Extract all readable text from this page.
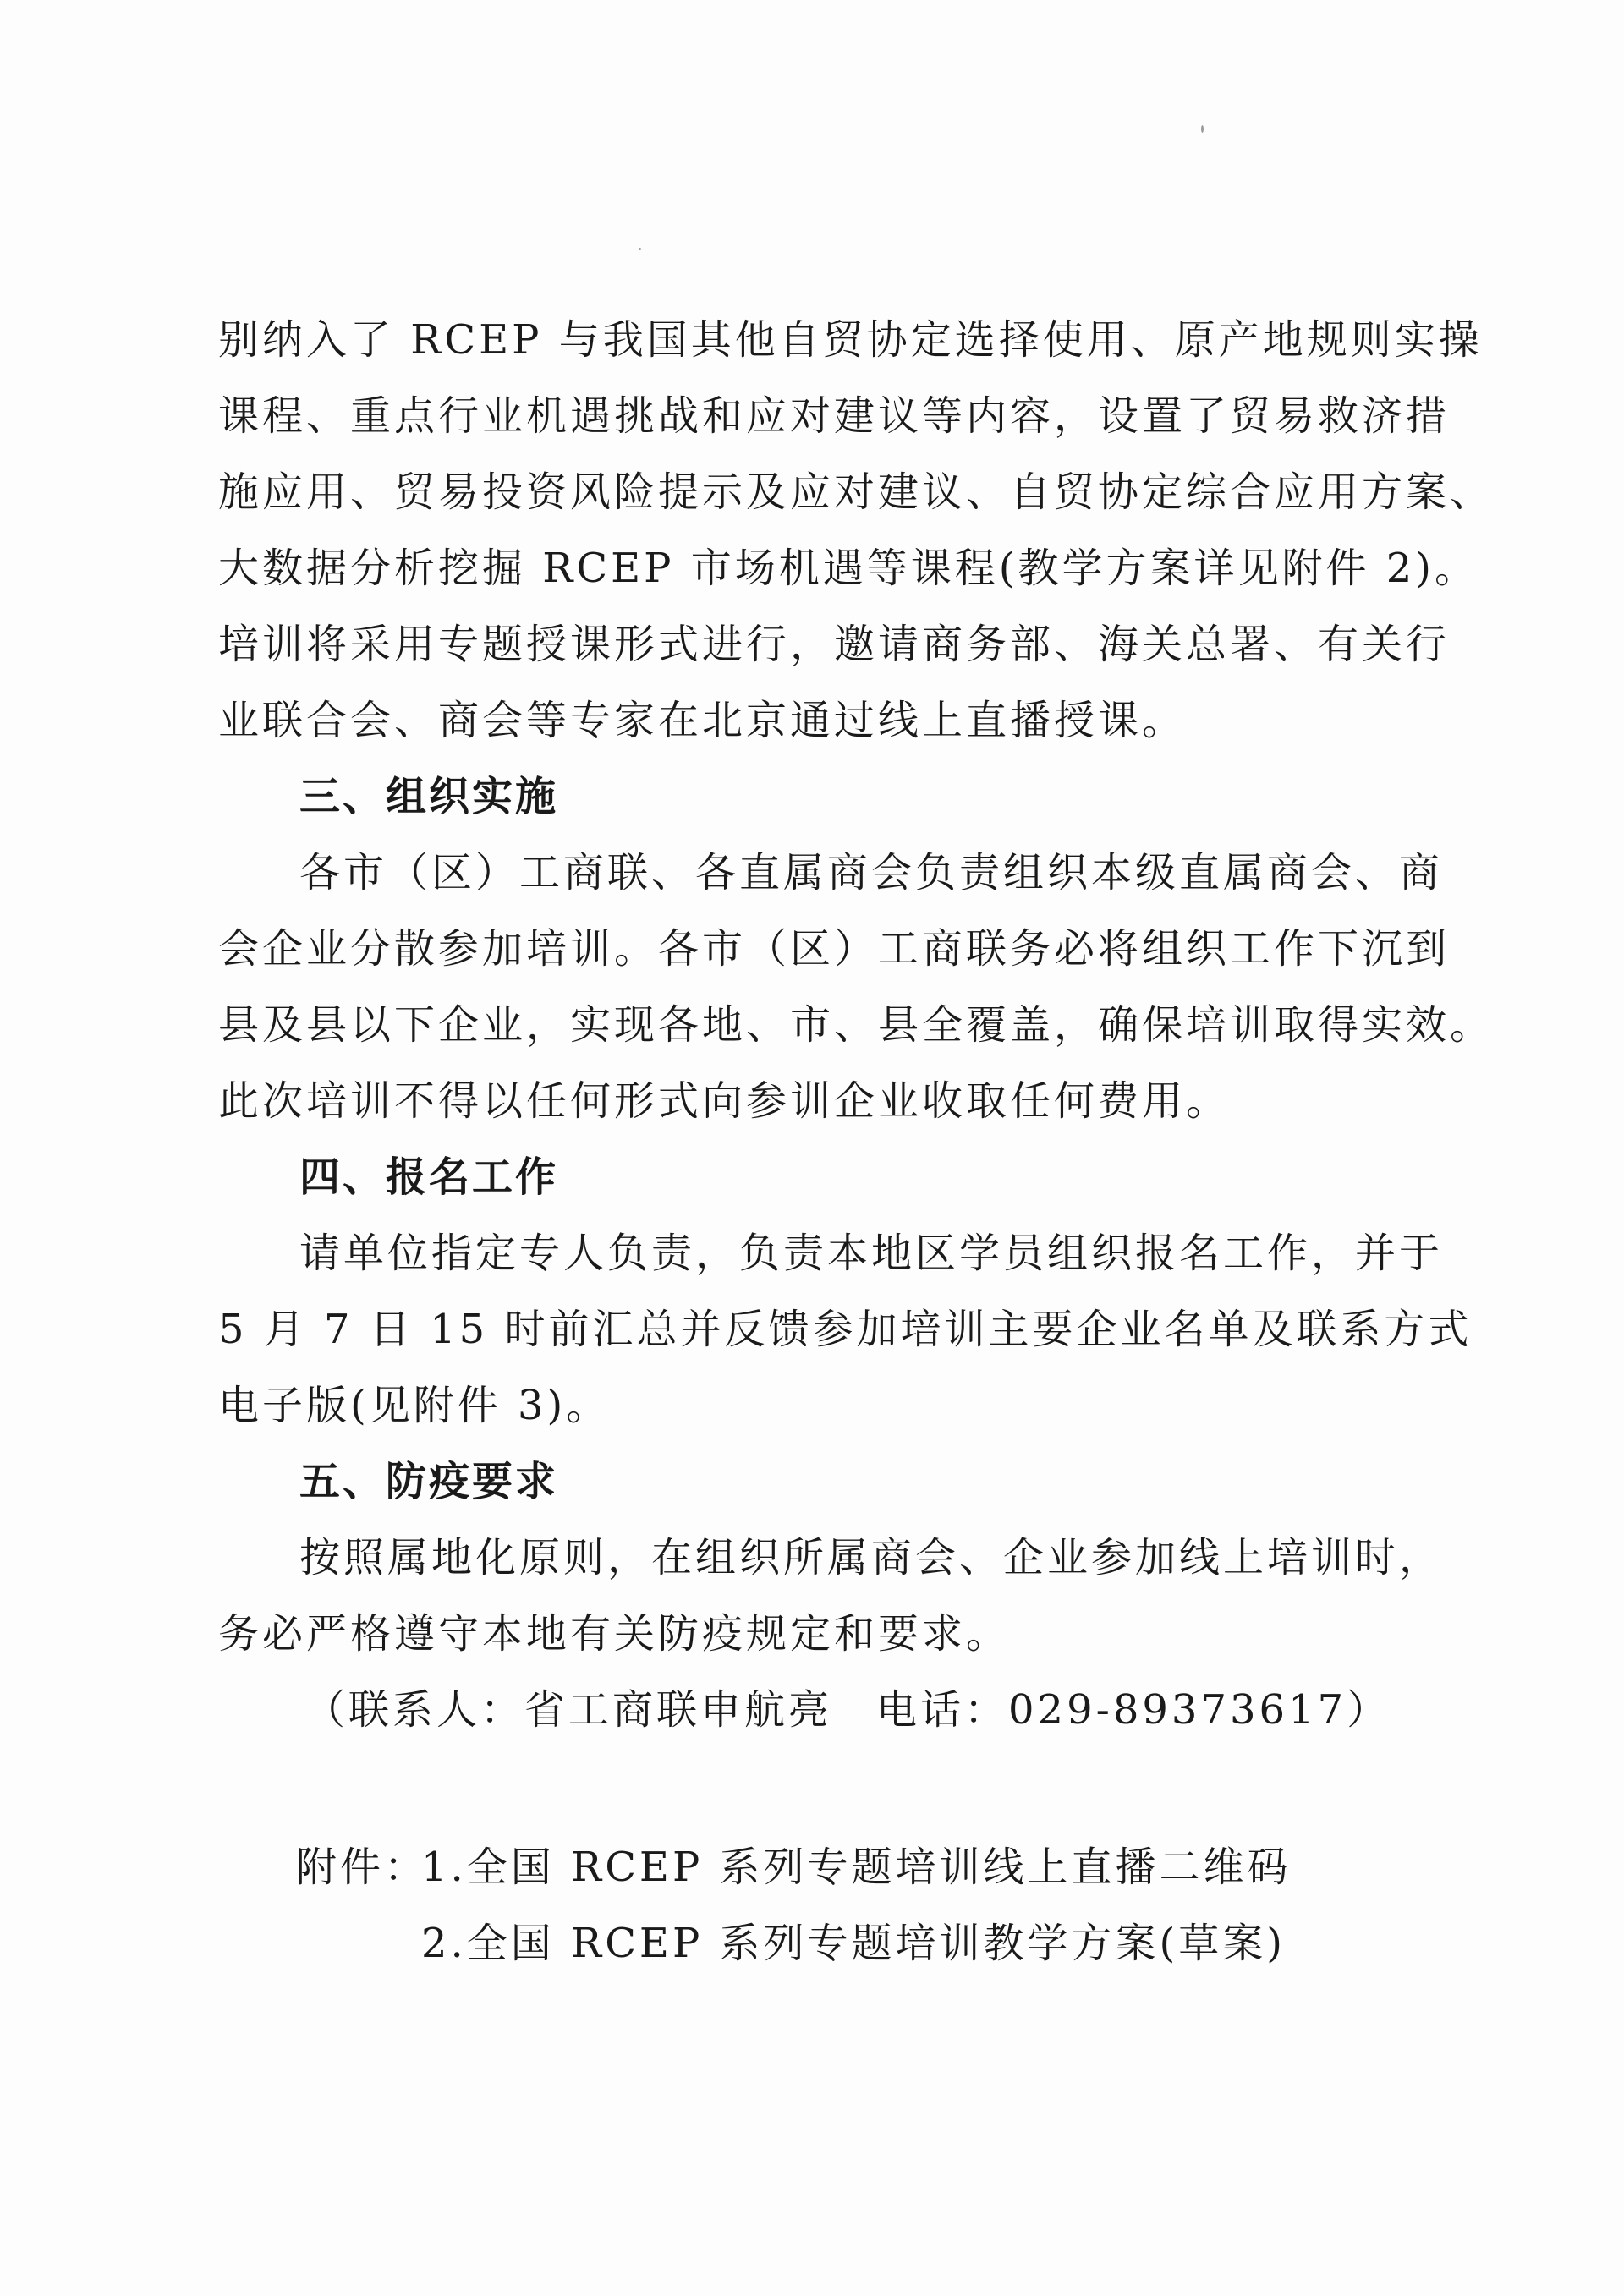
别纳入了 RCEP 与我国其他自贸协定选择使用、原产地规则实操
课程、重点行业机遇挑战和应对建议等内容，设置了贸易救济措
施应用、贸易投资风险提示及应对建议、自贸协定综合应用方案、
大数据分析挖掘 RCEP 市场机遇等课程(教学方案详见附件 2)。
培训将采用专题授课形式进行，邀请商务部、海关总署、有关行
业联合会、商会等专家在北京通过线上直播授课。
三、组织实施
各市（区）工商联、各直属商会负责组织本级直属商会、商
会企业分散参加培训。各市（区）工商联务必将组织工作下沉到
县及县以下企业，实现各地、市、县全覆盖，确保培训取得实效。
此次培训不得以任何形式向参训企业收取任何费用。
四、报名工作
请单位指定专人负责，负责本地区学员组织报名工作，并于
5 月 7 日 15 时前汇总并反馈参加培训主要企业名单及联系方式
电子版(见附件 3)。
五、防疫要求
按照属地化原则，在组织所属商会、企业参加线上培训时，
务必严格遵守本地有关防疫规定和要求。
（联系人：省工商联申航亮　电话：029-89373617）
附件：
1.全国 RCEP 系列专题培训线上直播二维码
2.全国 RCEP 系列专题培训教学方案(草案)
